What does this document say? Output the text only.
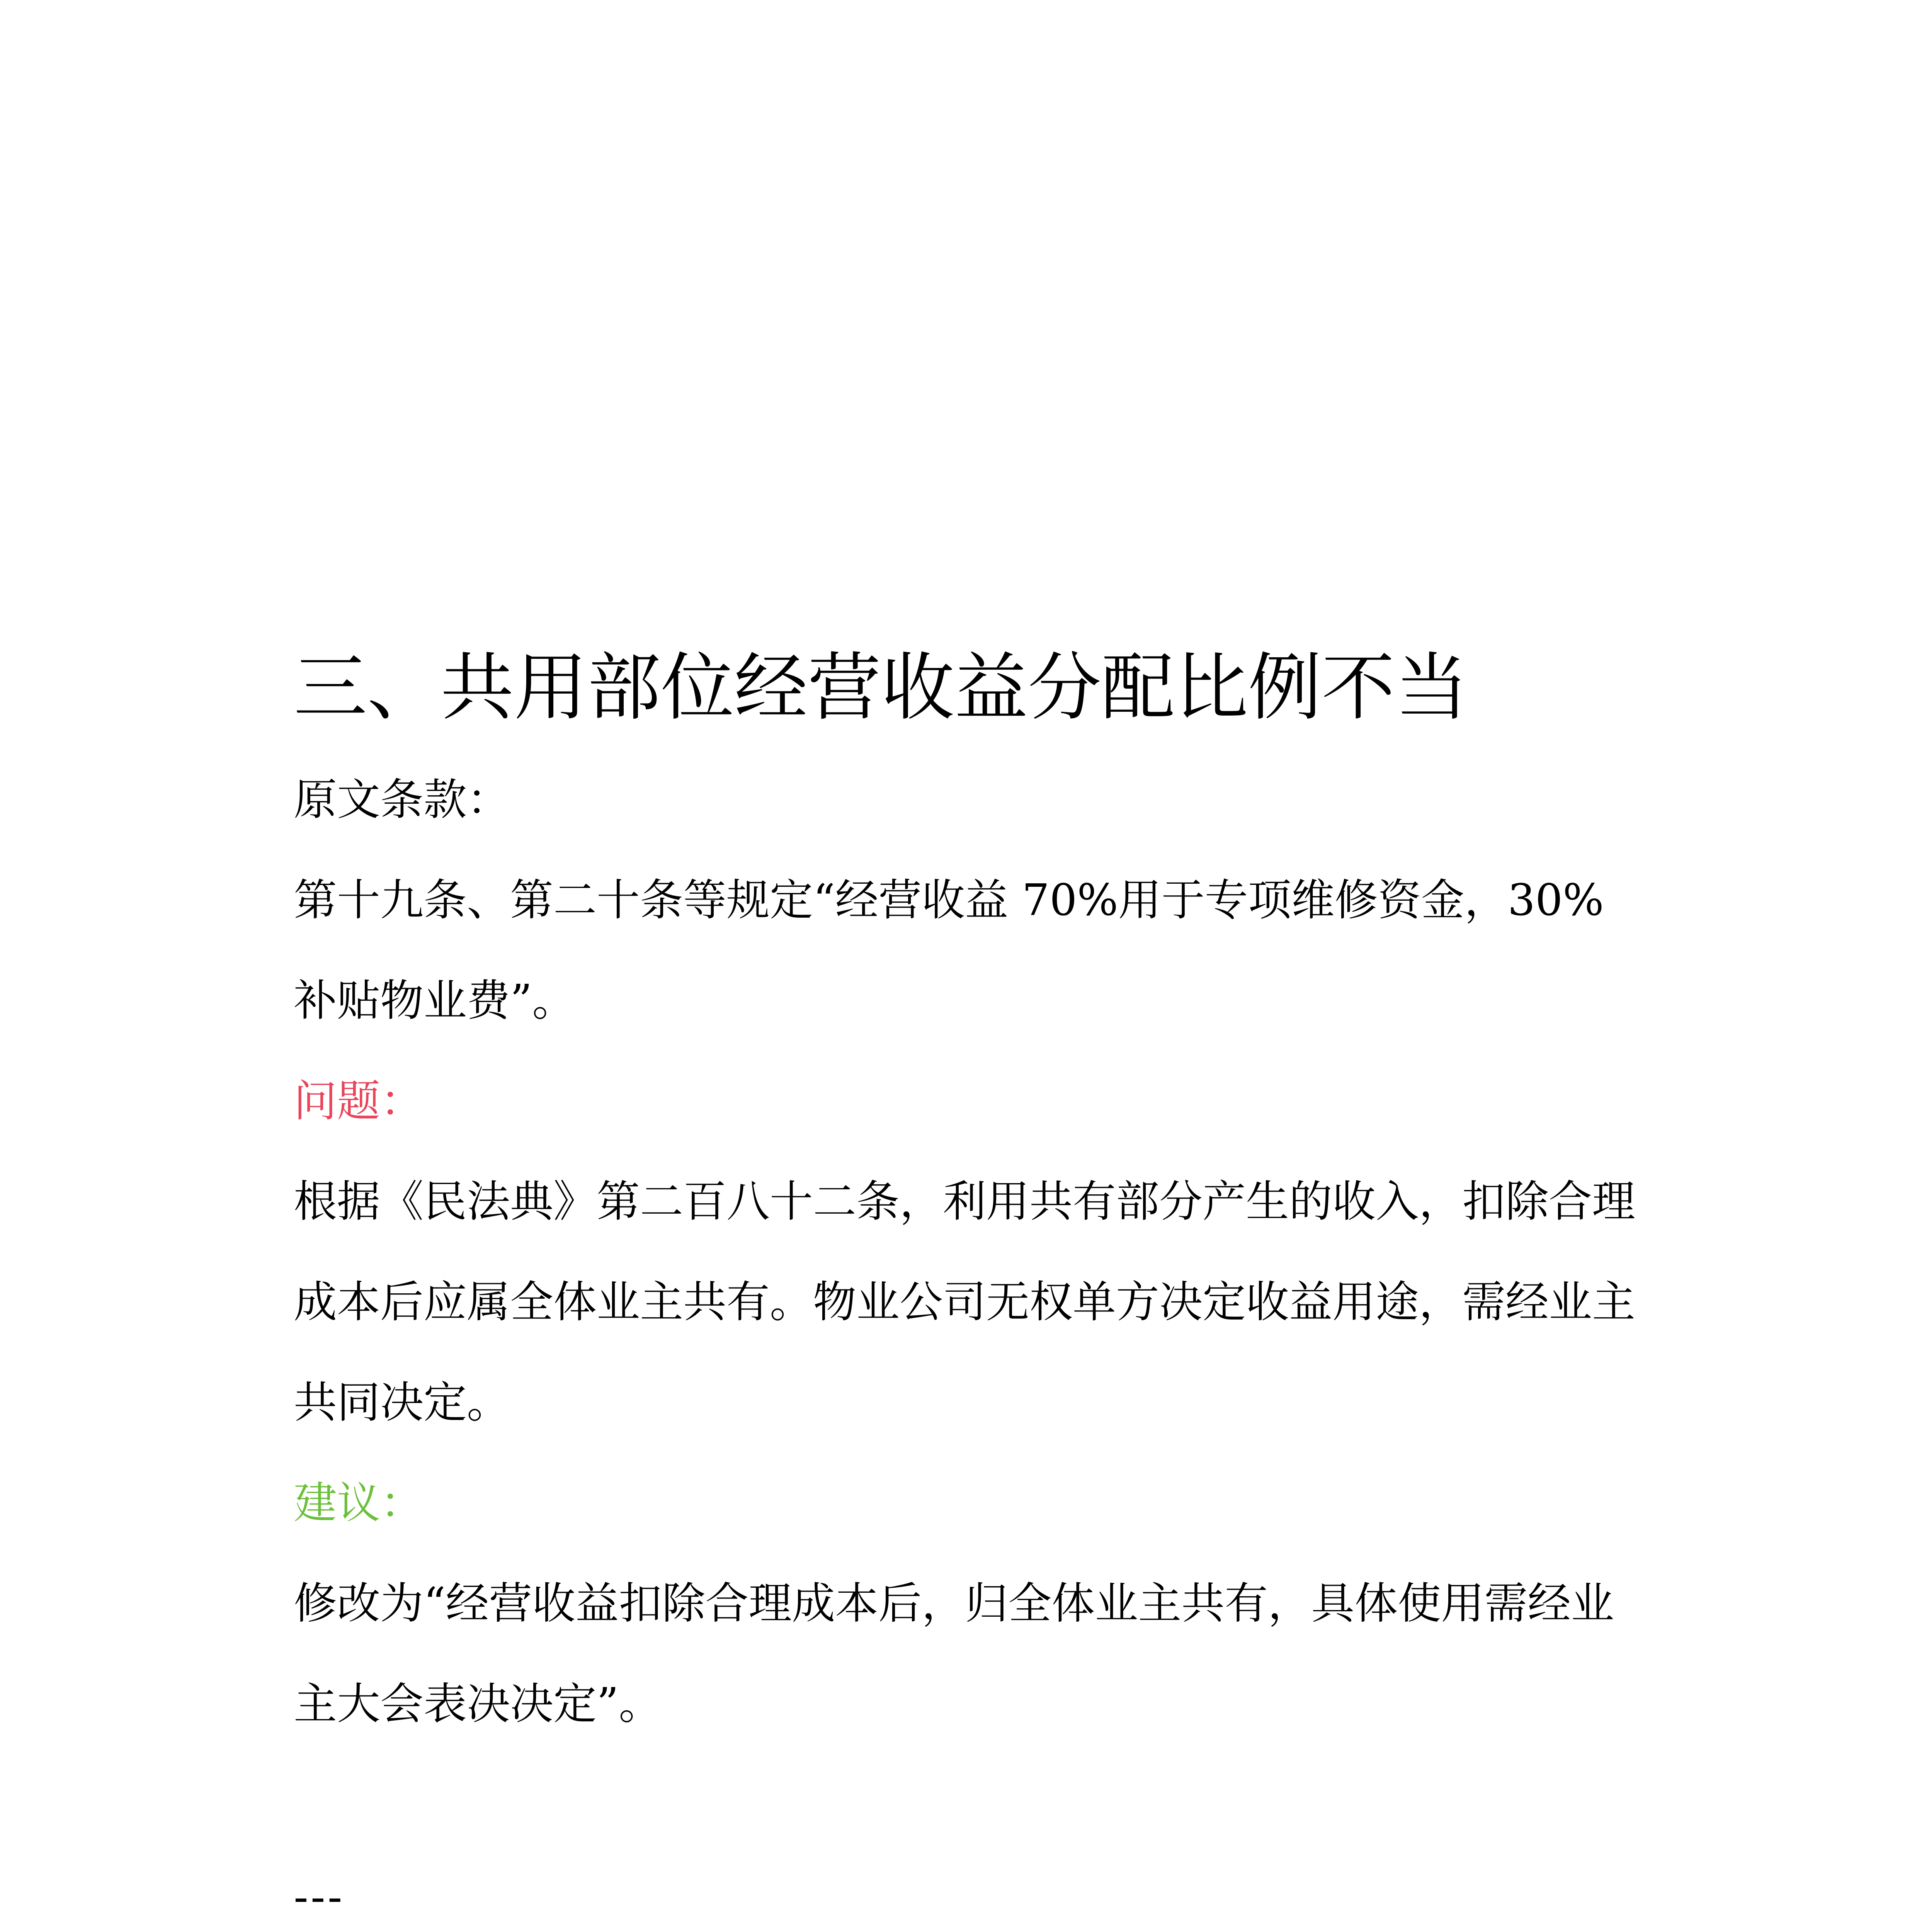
三、共用部位经营收益分配比例不当

原文条款：

第十九条、第二十条等规定“经营收益 70%用于专项维修资金，30%补贴物业费”。

问题：

根据《民法典》第二百八十二条，利用共有部分产生的收入，扣除合理成本后应属全体业主共有。物业公司无权单方决定收益用途，需经业主共同决定。

建议：

修改为“经营收益扣除合理成本后，归全体业主共有，具体使用需经业主大会表决决定”。

---
